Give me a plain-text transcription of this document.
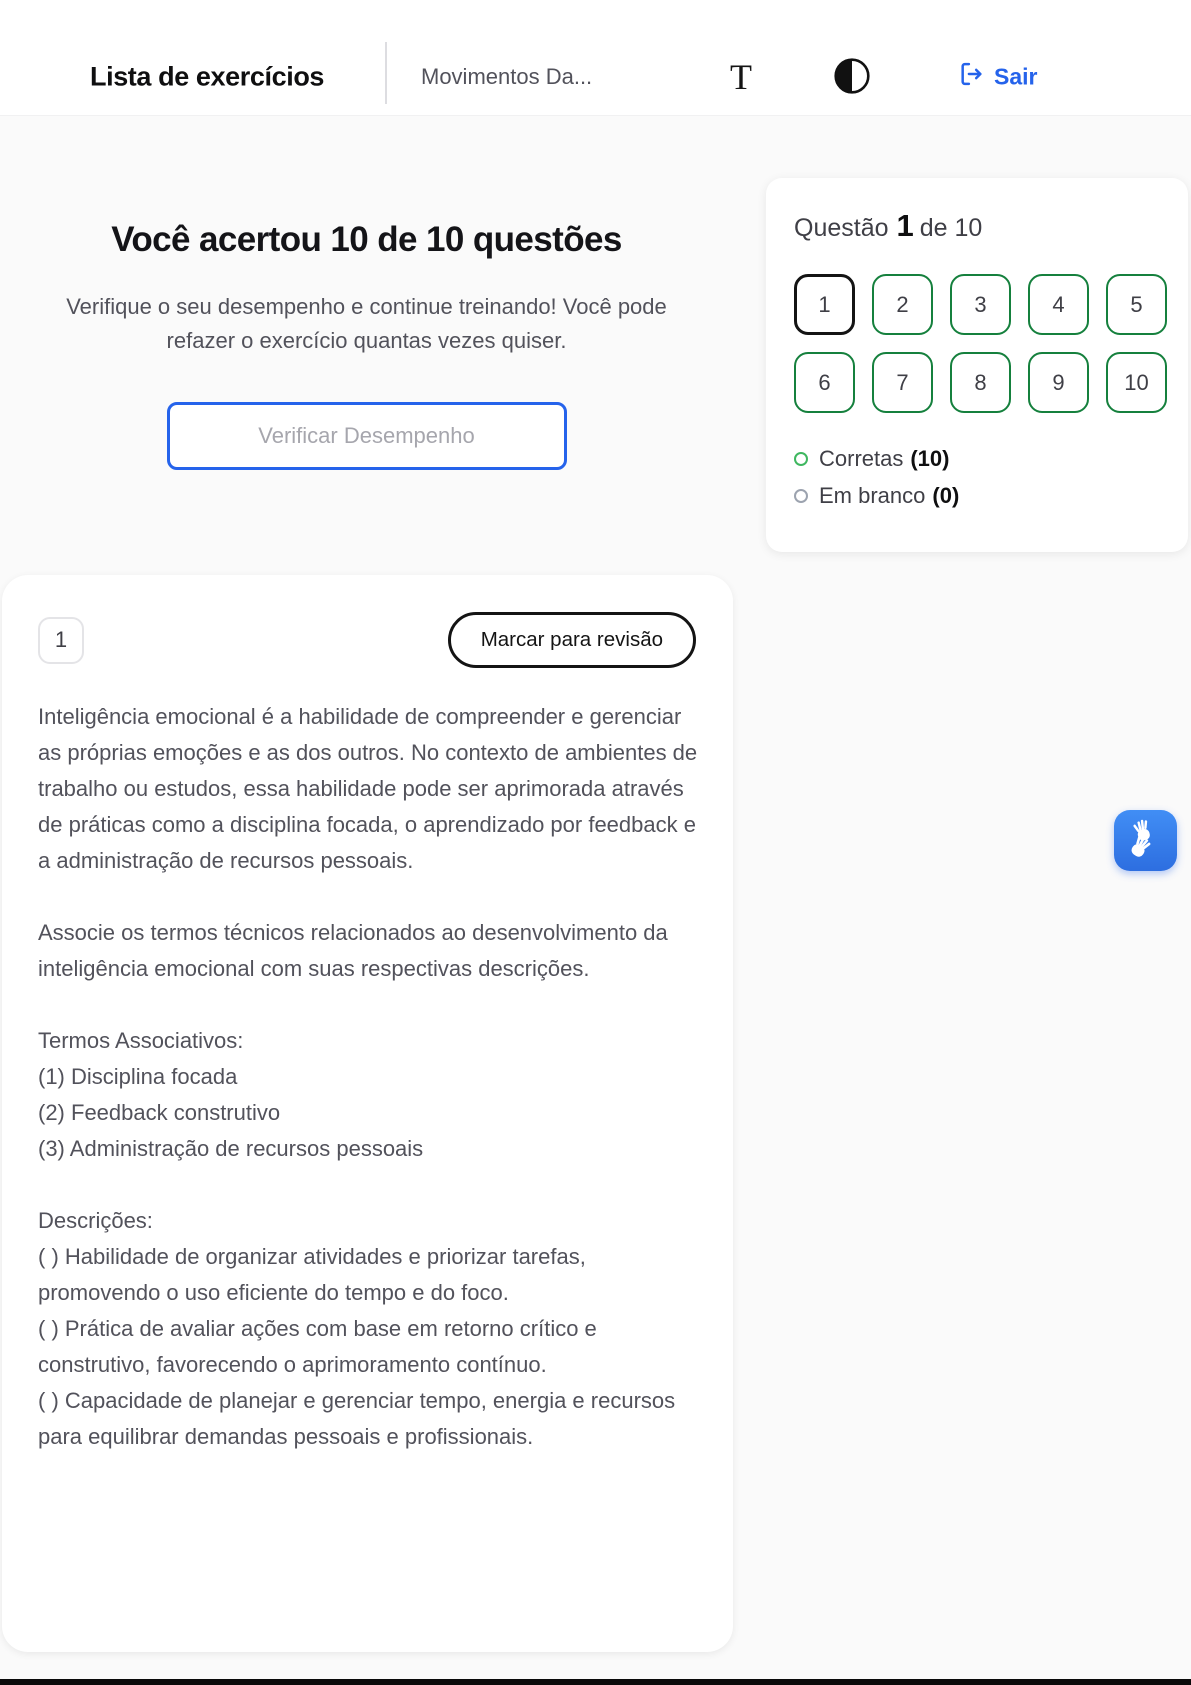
Lista de exercícios	Movimentos Da...	T	Sair
Você acertou 10 de 10 questões

Verifique o seu desempenho e continue treinando! Você pode refazer o exercício quantas vezes quiser.

Verificar Desempenho
Questão 1 de 10
1	2	3	4	5
6	7	8	9	10
Corretas (10)
Em branco (0)
1	Marcar para revisão

Inteligência emocional é a habilidade de compreender e gerenciar as próprias emoções e as dos outros. No contexto de ambientes de trabalho ou estudos, essa habilidade pode ser aprimorada através de práticas como a disciplina focada, o aprendizado por feedback e a administração de recursos pessoais.

Associe os termos técnicos relacionados ao desenvolvimento da inteligência emocional com suas respectivas descrições.

Termos Associativos:
(1) Disciplina focada
(2) Feedback construtivo
(3) Administração de recursos pessoais
Descrições:
( ) Habilidade de organizar atividades e priorizar tarefas, promovendo o uso eficiente do tempo e do foco.
( ) Prática de avaliar ações com base em retorno crítico e construtivo, favorecendo o aprimoramento contínuo.
( ) Capacidade de planejar e gerenciar tempo, energia e recursos para equilibrar demandas pessoais e profissionais.
